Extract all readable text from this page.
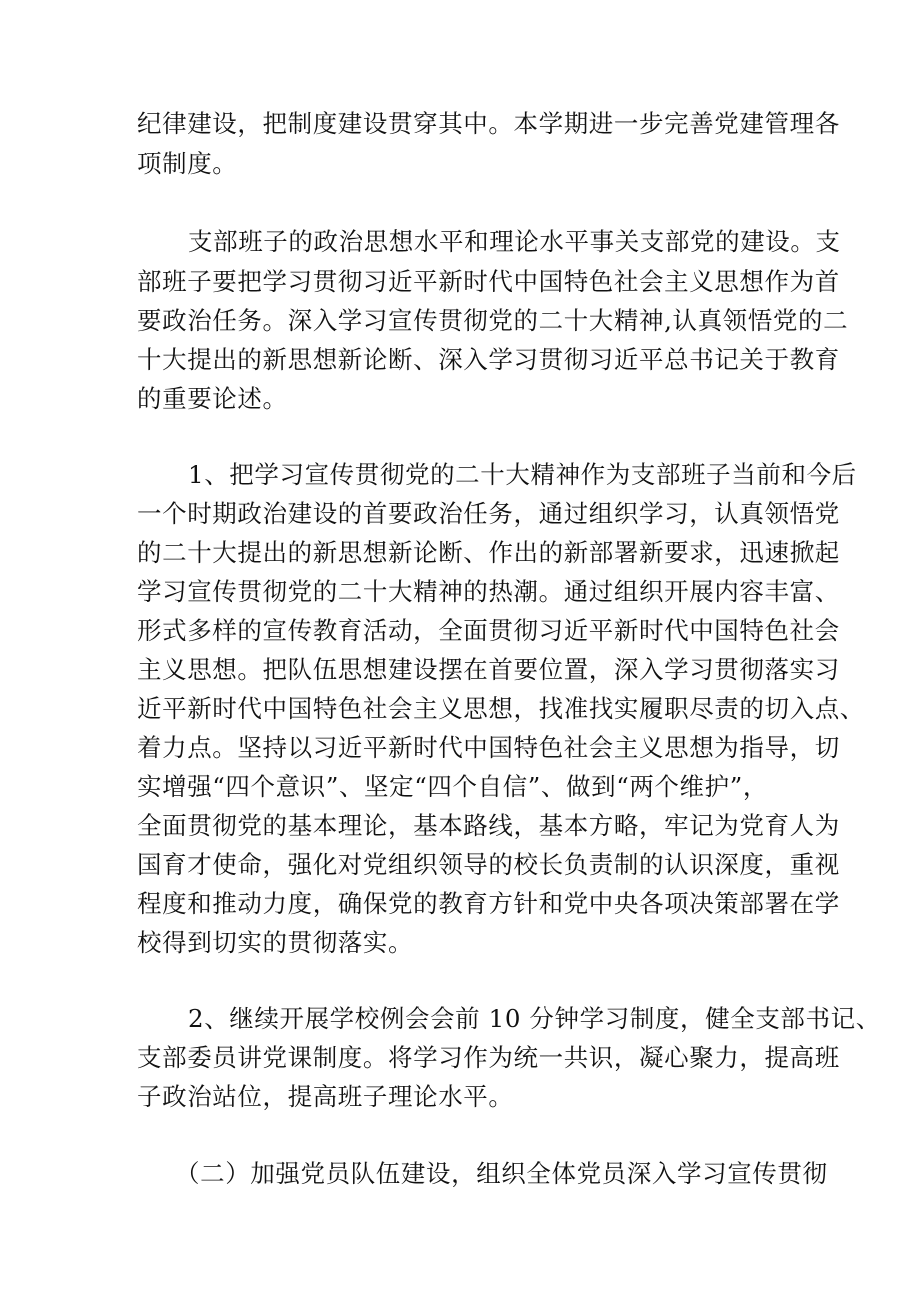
纪律建设，把制度建设贯穿其中。本学期进一步完善党建管理各
项制度。
支部班子的政治思想水平和理论水平事关支部党的建设。支
部班子要把学习贯彻习近平新时代中国特色社会主义思想作为首
要政治任务。深入学习宣传贯彻党的二十大精神,认真领悟党的二
十大提出的新思想新论断、深入学习贯彻习近平总书记关于教育
的重要论述。
1、把学习宣传贯彻党的二十大精神作为支部班子当前和今后
一个时期政治建设的首要政治任务，通过组织学习，认真领悟党
的二十大提出的新思想新论断、作出的新部署新要求，迅速掀起
学习宣传贯彻党的二十大精神的热潮。通过组织开展内容丰富、
形式多样的宣传教育活动，全面贯彻习近平新时代中国特色社会
主义思想。把队伍思想建设摆在首要位置，深入学习贯彻落实习
近平新时代中国特色社会主义思想，找准找实履职尽责的切入点、
着力点。坚持以习近平新时代中国特色社会主义思想为指导，切
实增强“四个意识”、坚定“四个自信”、做到“两个维护”，
全面贯彻党的基本理论，基本路线，基本方略，牢记为党育人为
国育才使命，强化对党组织领导的校长负责制的认识深度，重视
程度和推动力度，确保党的教育方针和党中央各项决策部署在学
校得到切实的贯彻落实。
2、继续开展学校例会会前 10 分钟学习制度，健全支部书记、
支部委员讲党课制度。将学习作为统一共识，凝心聚力，提高班
子政治站位，提高班子理论水平。
（二）加强党员队伍建设，组织全体党员深入学习宣传贯彻
